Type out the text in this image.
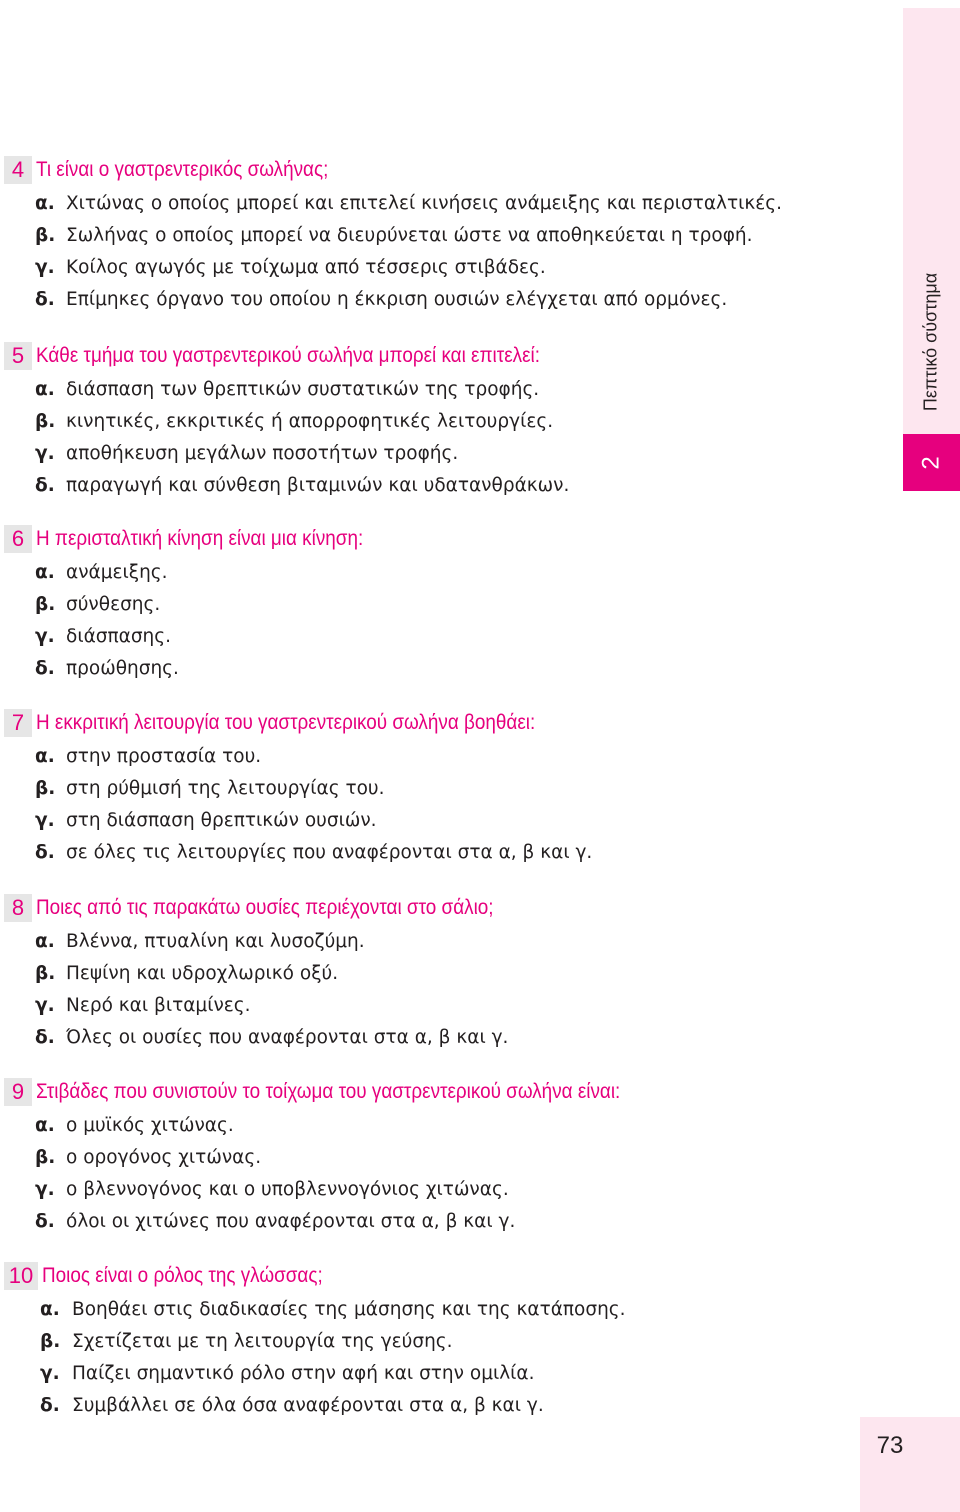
Πεπτικό σύστημα
2
4 Τι είναι ο γαστρεντερικός σωλήνας;
α. Χιτώνας ο οποίος μπορεί και επιτελεί κινήσεις ανάμειξης και περισταλτικές.
β. Σωλήνας ο οποίος μπορεί να διευρύνεται ώστε να αποθηκεύεται η τροφή.
γ. Κοίλος αγωγός με τοίχωμα από τέσσερις στιβάδες.
δ. Επίμηκες όργανο του οποίου η έκκριση ουσιών ελέγχεται από ορμόνες.
5 Κάθε τμήμα του γαστρεντερικού σωλήνα μπορεί και επιτελεί:
α. διάσπαση των θρεπτικών συστατικών της τροφής.
β. κινητικές, εκκριτικές ή απορροφητικές λειτουργίες.
γ. αποθήκευση μεγάλων ποσοτήτων τροφής.
δ. παραγωγή και σύνθεση βιταμινών και υδατανθράκων.
6 Η περισταλτική κίνηση είναι μια κίνηση:
α. ανάμειξης.
β. σύνθεσης.
γ. διάσπασης.
δ. προώθησης.
7 Η εκκριτική λειτουργία του γαστρεντερικού σωλήνα βοηθάει:
α. στην προστασία του.
β. στη ρύθμισή της λειτουργίας του.
γ. στη διάσπαση θρεπτικών ουσιών.
δ. σε όλες τις λειτουργίες που αναφέρονται στα α, β και γ.
8 Ποιες από τις παρακάτω ουσίες περιέχονται στο σάλιο;
α. Βλέννα, πτυαλίνη και λυσοζύμη.
β. Πεψίνη και υδροχλωρικό οξύ.
γ. Νερό και βιταμίνες.
δ. Όλες οι ουσίες που αναφέρονται στα α, β και γ.
9 Στιβάδες που συνιστούν το τοίχωμα του γαστρεντερικού σωλήνα είναι:
α. ο μυϊκός χιτώνας.
β. ο ορογόνος χιτώνας.
γ. ο βλεννογόνος και ο υποβλεννογόνιος χιτώνας.
δ. όλοι οι χιτώνες που αναφέρονται στα α, β και γ.
10 Ποιος είναι ο ρόλος της γλώσσας;
α. Βοηθάει στις διαδικασίες της μάσησης και της κατάποσης.
β. Σχετίζεται με τη λειτουργία της γεύσης.
γ. Παίζει σημαντικό ρόλο στην αφή και στην ομιλία.
δ. Συμβάλλει σε όλα όσα αναφέρονται στα α, β και γ.
73
